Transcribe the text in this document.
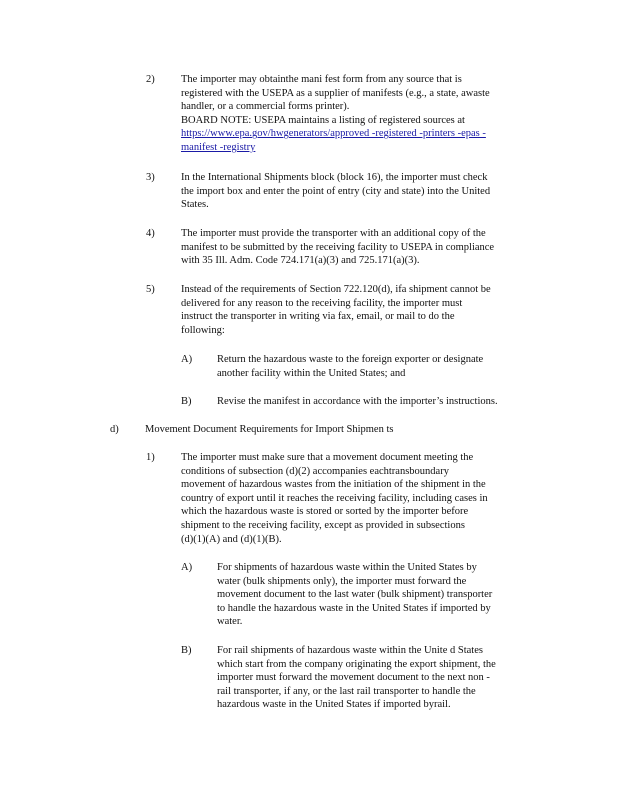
2)	The importer may obtainthe mani fest form from any source that is
registered with the USEPA as a supplier of manifests (e.g., a state, awaste
handler, or a commercial forms printer).
BOARD NOTE: USEPA maintains a listing of registered sources at
https://www.epa.gov/hwgenerators/approved -registered -printers -epas -
manifest -registry
3)	In the International Shipments block (block 16), the importer must check
the import box and enter the point of entry (city and state) into the United
States.
4)	The importer must provide the transporter with an additional copy of the
manifest to be submitted by the receiving facility to USEPA in compliance
with 35 Ill. Adm. Code 724.171(a)(3) and 725.171(a)(3).
5)	Instead of the requirements of Section 722.120(d), ifa shipment cannot be
delivered for any reason to the receiving facility, the importer must
instruct the transporter in writing via fax, email, or mail to do the
following:
A) Return the hazardous waste to the foreign exporter or designate
another facility within the United States; and
B) Revise the manifest in accordance with the importer’s instructions.
d)	Movement Document Requirements for Import Shipmen ts
1)	The importer must make sure that a movement document meeting the
conditions of subsection (d)(2) accompanies eachtransboundary
movement of hazardous wastes from the initiation of the shipment in the
country of export until it reaches the receiving facility, including cases in
which the hazardous waste is stored or sorted by the importer before
shipment to the receiving facility, except as provided in subsections
(d)(1)(A) and (d)(1)(B).
A) For shipments of hazardous waste within the United States by
water (bulk shipments only), the importer must forward the
movement document to the last water (bulk shipment) transporter
to handle the hazardous waste in the United States if imported by
water.
B) For rail shipments of hazardous waste within the Unite d States
which start from the company originating the export shipment, the
importer must forward the movement document to the next non -
rail transporter, if any, or the last rail transporter to handle the
hazardous waste in the United States if imported byrail.
